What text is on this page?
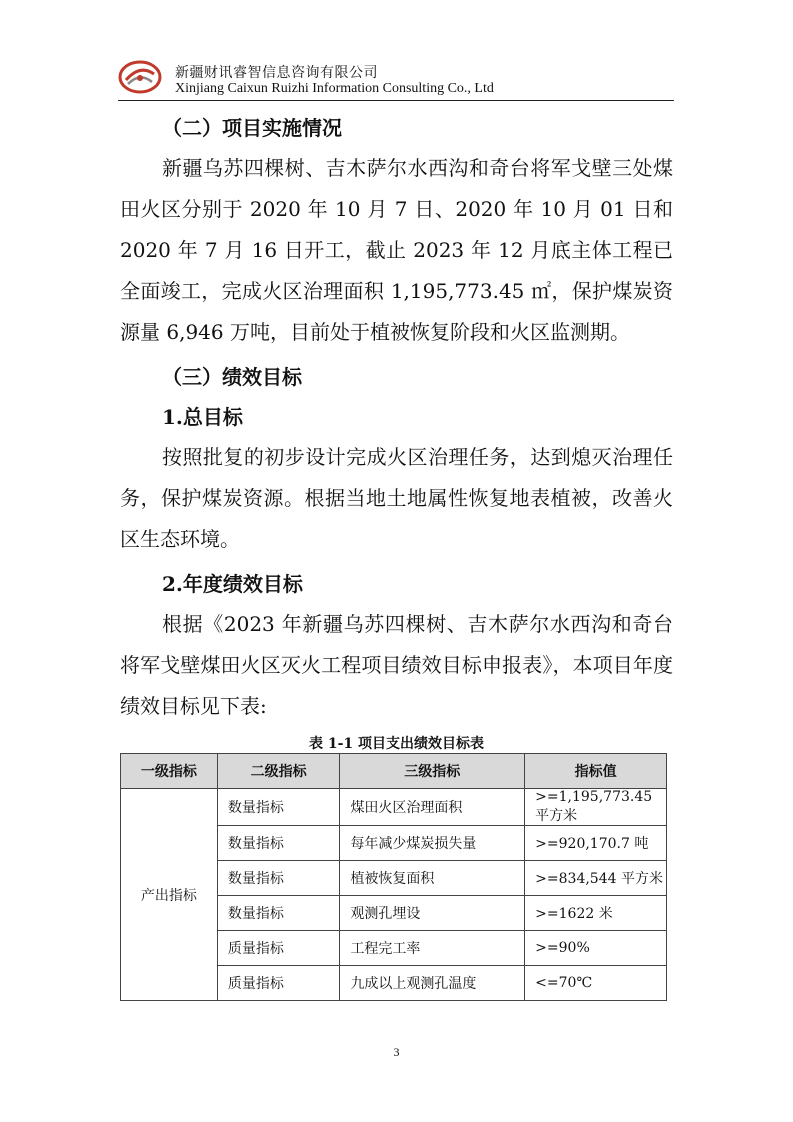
新疆财讯睿智信息咨询有限公司
Xinjiang Caixun Ruizhi Information Consulting Co., Ltd

（二）项目实施情况

新疆乌苏四棵树、吉木萨尔水西沟和奇台将军戈壁三处煤田火区分别于 2020 年 10 月 7 日、2020 年 10 月 01 日和 2020 年 7 月 16 日开工，截止 2023 年 12 月底主体工程已全面竣工，完成火区治理面积 1,195,773.45 ㎡，保护煤炭资源量 6,946 万吨，目前处于植被恢复阶段和火区监测期。

（三）绩效目标

1.总目标

按照批复的初步设计完成火区治理任务，达到熄灭治理任务，保护煤炭资源。根据当地土地属性恢复地表植被，改善火区生态环境。

2.年度绩效目标

根据《2023 年新疆乌苏四棵树、吉木萨尔水西沟和奇台将军戈壁煤田火区灭火工程项目绩效目标申报表》，本项目年度绩效目标见下表:

表 1-1 项目支出绩效目标表
一级指标	二级指标	三级指标	指标值
产出指标	数量指标	煤田火区治理面积	>=1,195,773.45 平方米
	数量指标	每年减少煤炭损失量	>=920,170.7 吨
	数量指标	植被恢复面积	>=834,544 平方米
	数量指标	观测孔埋设	>=1622 米
	质量指标	工程完工率	>=90%
	质量指标	九成以上观测孔温度	<=70℃
3
